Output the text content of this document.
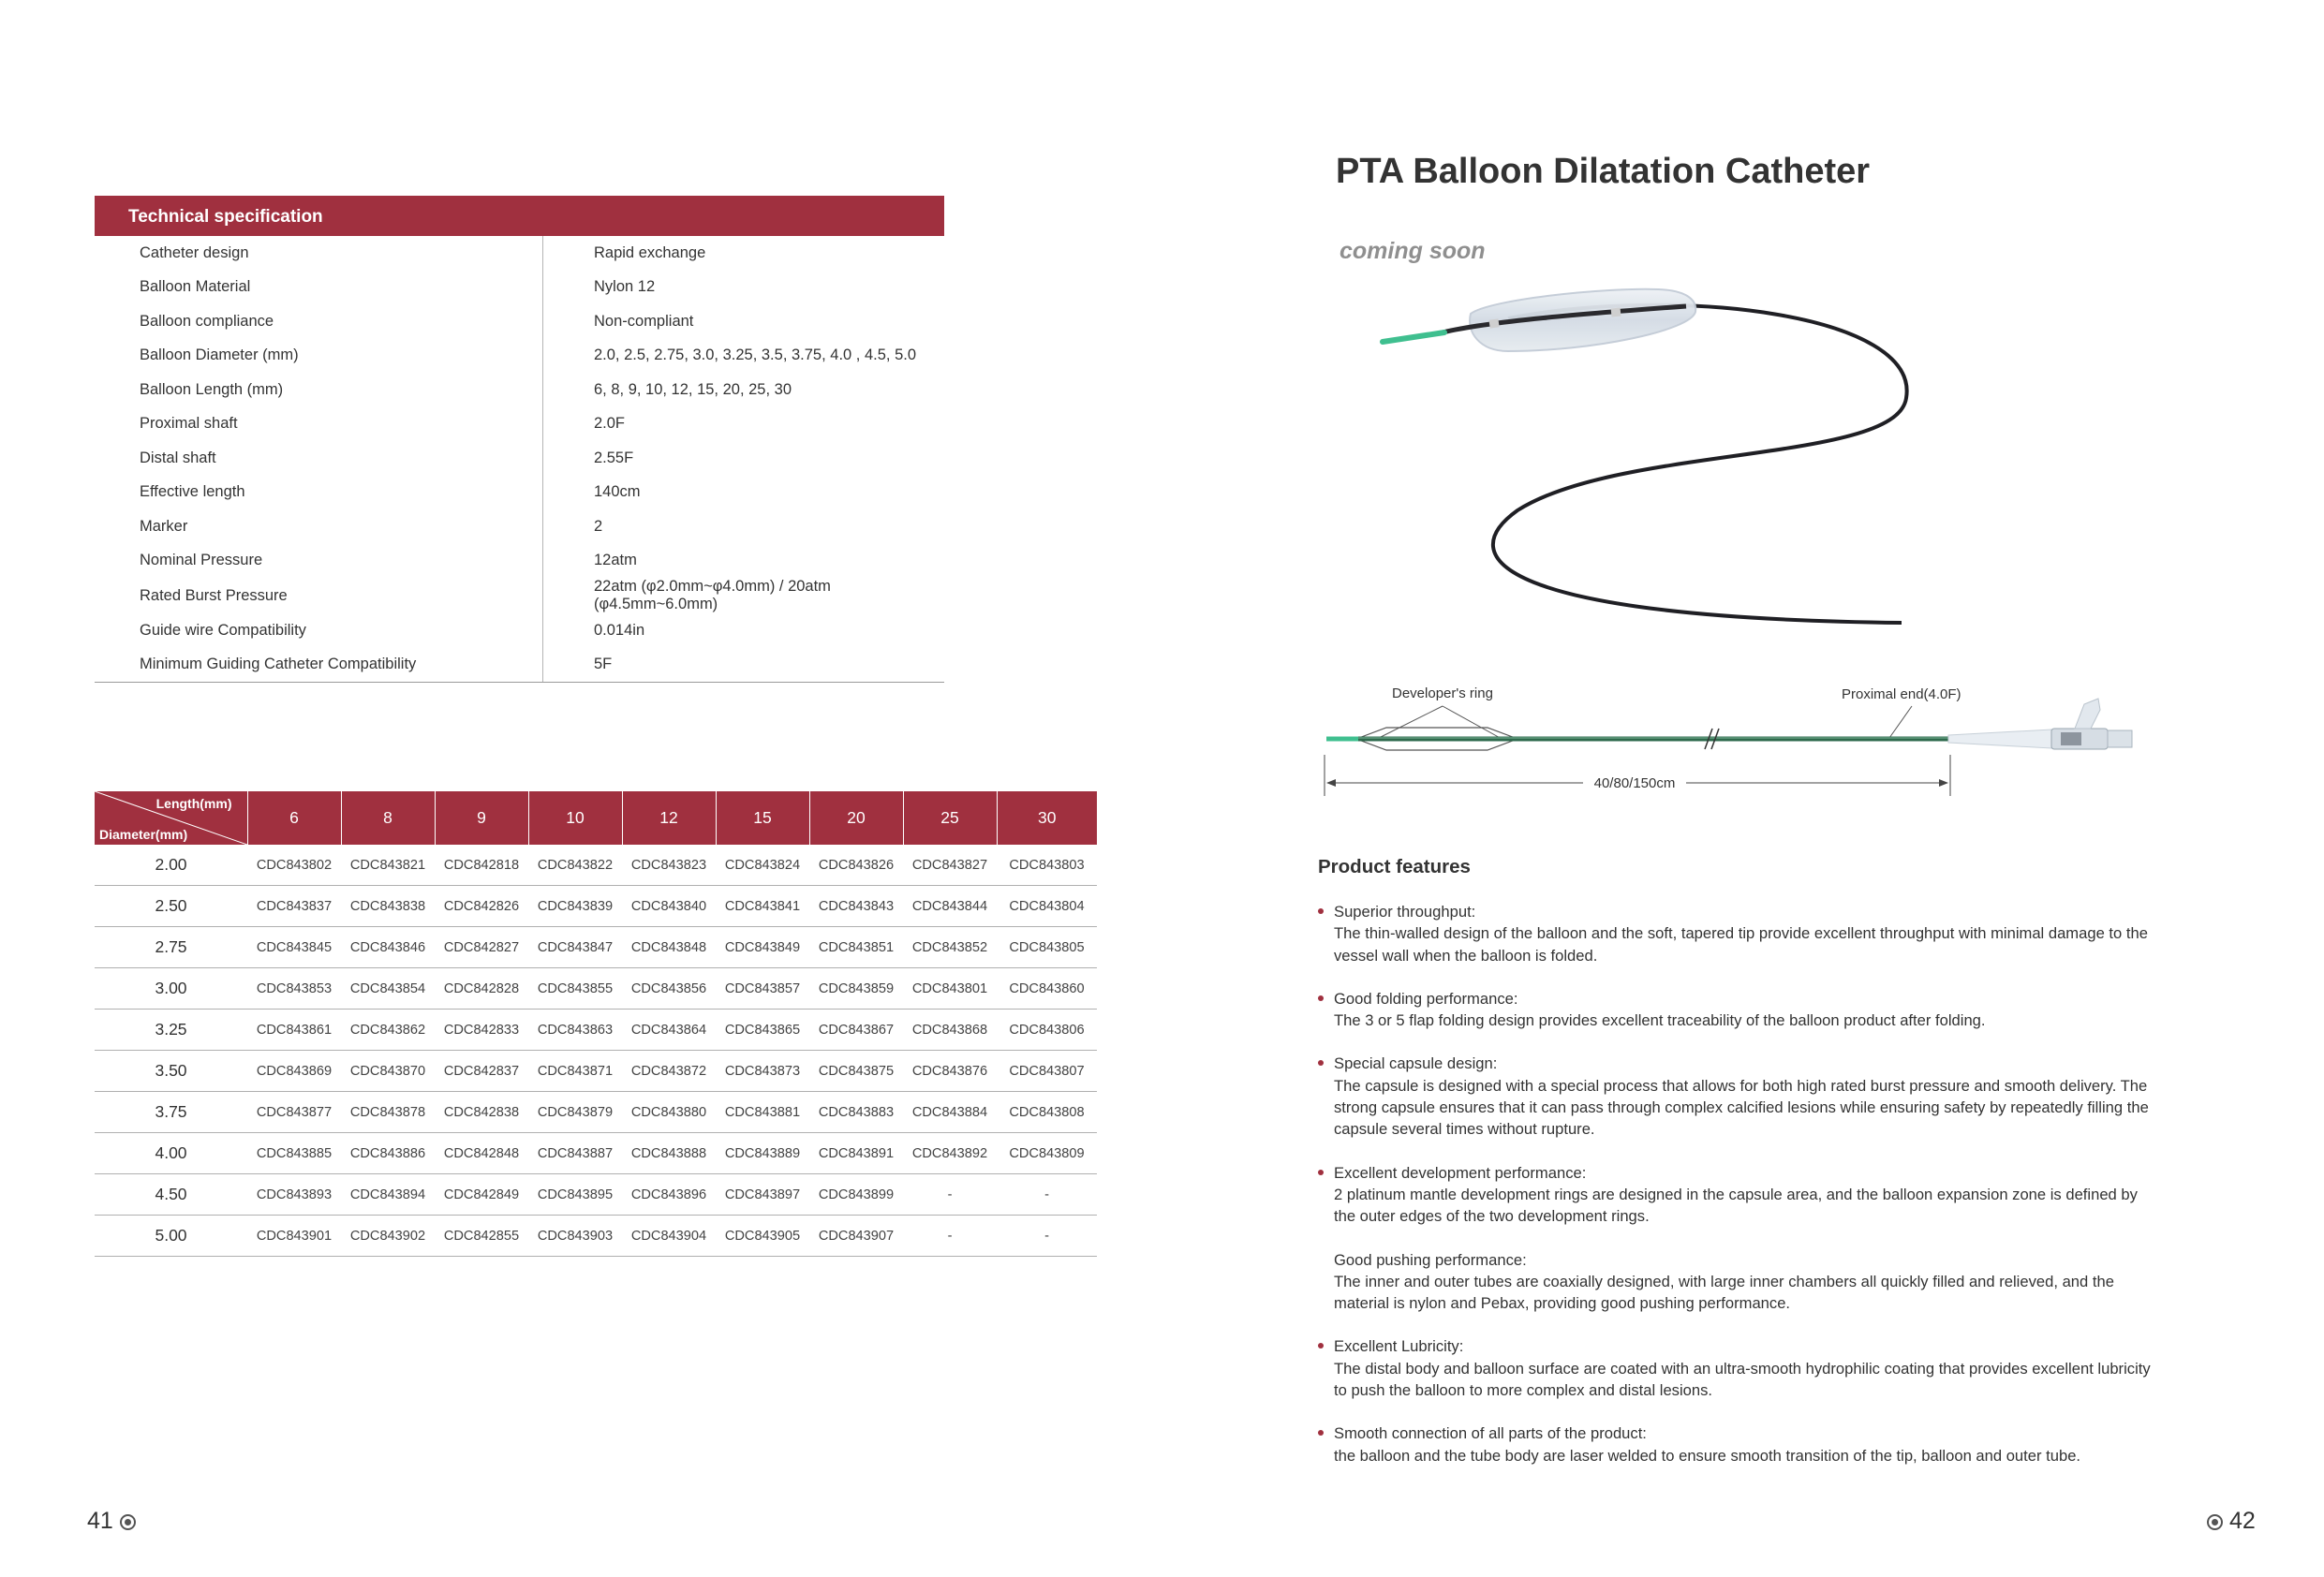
Technical specification
Catheter design	Rapid exchange
Balloon Material	Nylon 12
Balloon compliance	Non-compliant
Balloon Diameter (mm)	2.0, 2.5, 2.75, 3.0, 3.25, 3.5, 3.75, 4.0 , 4.5, 5.0
Balloon Length (mm)	6, 8, 9, 10, 12, 15, 20, 25, 30
Proximal shaft	2.0F
Distal shaft	2.55F
Effective length	140cm
Marker	2
Nominal Pressure	12atm
Rated Burst Pressure	22atm (φ2.0mm~φ4.0mm) / 20atm (φ4.5mm~6.0mm)
Guide wire Compatibility	0.014in
Minimum Guiding Catheter Compatibility	5F
Length(mm)
Diameter(mm)	6	8	9	10	12	15	20	25	30
2.00	CDC843802	CDC843821	CDC842818	CDC843822	CDC843823	CDC843824	CDC843826	CDC843827	CDC843803
2.50	CDC843837	CDC843838	CDC842826	CDC843839	CDC843840	CDC843841	CDC843843	CDC843844	CDC843804
2.75	CDC843845	CDC843846	CDC842827	CDC843847	CDC843848	CDC843849	CDC843851	CDC843852	CDC843805
3.00	CDC843853	CDC843854	CDC842828	CDC843855	CDC843856	CDC843857	CDC843859	CDC843801	CDC843860
3.25	CDC843861	CDC843862	CDC842833	CDC843863	CDC843864	CDC843865	CDC843867	CDC843868	CDC843806
3.50	CDC843869	CDC843870	CDC842837	CDC843871	CDC843872	CDC843873	CDC843875	CDC843876	CDC843807
3.75	CDC843877	CDC843878	CDC842838	CDC843879	CDC843880	CDC843881	CDC843883	CDC843884	CDC843808
4.00	CDC843885	CDC843886	CDC842848	CDC843887	CDC843888	CDC843889	CDC843891	CDC843892	CDC843809
4.50	CDC843893	CDC843894	CDC842849	CDC843895	CDC843896	CDC843897	CDC843899	-	-
5.00	CDC843901	CDC843902	CDC842855	CDC843903	CDC843904	CDC843905	CDC843907	-	-
41
PTA Balloon Dilatation Catheter
coming soon
Developer's ring	Proximal end(4.0F)
40/80/150cm
Product features
Superior throughput:
The thin-walled design of the balloon and the soft, tapered tip provide excellent throughput with minimal damage to the vessel wall when the balloon is folded.
Good folding performance:
The 3 or 5 flap folding design provides excellent traceability of the balloon product after folding.
Special capsule design:
The capsule is designed with a special process that allows for both high rated burst pressure and smooth delivery. The strong capsule ensures that it can pass through complex calcified lesions while ensuring safety by repeatedly filling the capsule several times without rupture.
Excellent development performance:
2 platinum mantle development rings are designed in the capsule area, and the balloon expansion zone is defined by the outer edges of the two development rings.
Good pushing performance:
The inner and outer tubes are coaxially designed, with large inner chambers all quickly filled and relieved, and the material is nylon and Pebax, providing good pushing performance.
Excellent Lubricity:
The distal body and balloon surface are coated with an ultra-smooth hydrophilic coating that provides excellent lubricity to push the balloon to more complex and distal lesions.
Smooth connection of all parts of the product:
the balloon and the tube body are laser welded to ensure smooth transition of the tip, balloon and outer tube.
42
